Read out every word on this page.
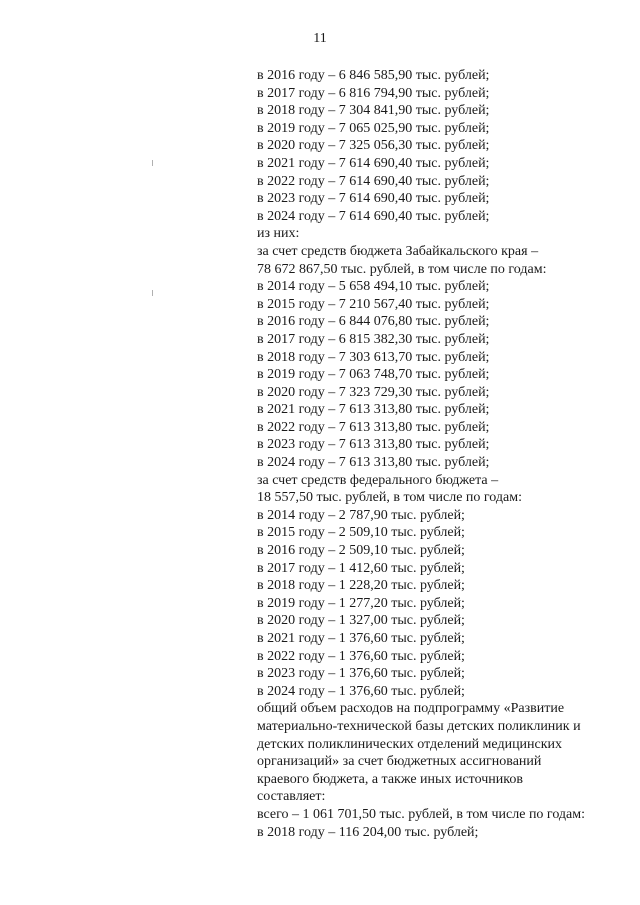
11
в 2016 году – 6 846 585,90 тыс. рублей;
в 2017 году – 6 816 794,90 тыс. рублей;
в 2018 году – 7 304 841,90 тыс. рублей;
в 2019 году – 7 065 025,90 тыс. рублей;
в 2020 году – 7 325 056,30 тыс. рублей;
в 2021 году – 7 614 690,40 тыс. рублей;
в 2022 году – 7 614 690,40 тыс. рублей;
в 2023 году – 7 614 690,40 тыс. рублей;
в 2024 году – 7 614 690,40 тыс. рублей;
из них:
за счет средств бюджета Забайкальского края –
78 672 867,50 тыс. рублей, в том числе по годам:
в 2014 году – 5 658 494,10 тыс. рублей;
в 2015 году – 7 210 567,40 тыс. рублей;
в 2016 году – 6 844 076,80 тыс. рублей;
в 2017 году – 6 815 382,30 тыс. рублей;
в 2018 году – 7 303 613,70 тыс. рублей;
в 2019 году – 7 063 748,70 тыс. рублей;
в 2020 году – 7 323 729,30 тыс. рублей;
в 2021 году – 7 613 313,80 тыс. рублей;
в 2022 году – 7 613 313,80 тыс. рублей;
в 2023 году – 7 613 313,80 тыс. рублей;
в 2024 году – 7 613 313,80 тыс. рублей;
за счет средств федерального бюджета –
18 557,50 тыс. рублей, в том числе по годам:
в 2014 году – 2 787,90 тыс. рублей;
в 2015 году – 2 509,10 тыс. рублей;
в 2016 году – 2 509,10 тыс. рублей;
в 2017 году – 1 412,60 тыс. рублей;
в 2018 году – 1 228,20 тыс. рублей;
в 2019 году – 1 277,20 тыс. рублей;
в 2020 году – 1 327,00 тыс. рублей;
в 2021 году – 1 376,60 тыс. рублей;
в 2022 году – 1 376,60 тыс. рублей;
в 2023 году – 1 376,60 тыс. рублей;
в 2024 году – 1 376,60 тыс. рублей;
общий объем расходов на подпрограмму «Развитие
материально-технической базы детских поликлиник и
детских поликлинических отделений медицинских
организаций» за счет бюджетных ассигнований
краевого бюджета, а также иных источников
составляет:
всего – 1 061 701,50 тыс. рублей, в том числе по годам:
в 2018 году – 116 204,00 тыс. рублей;
